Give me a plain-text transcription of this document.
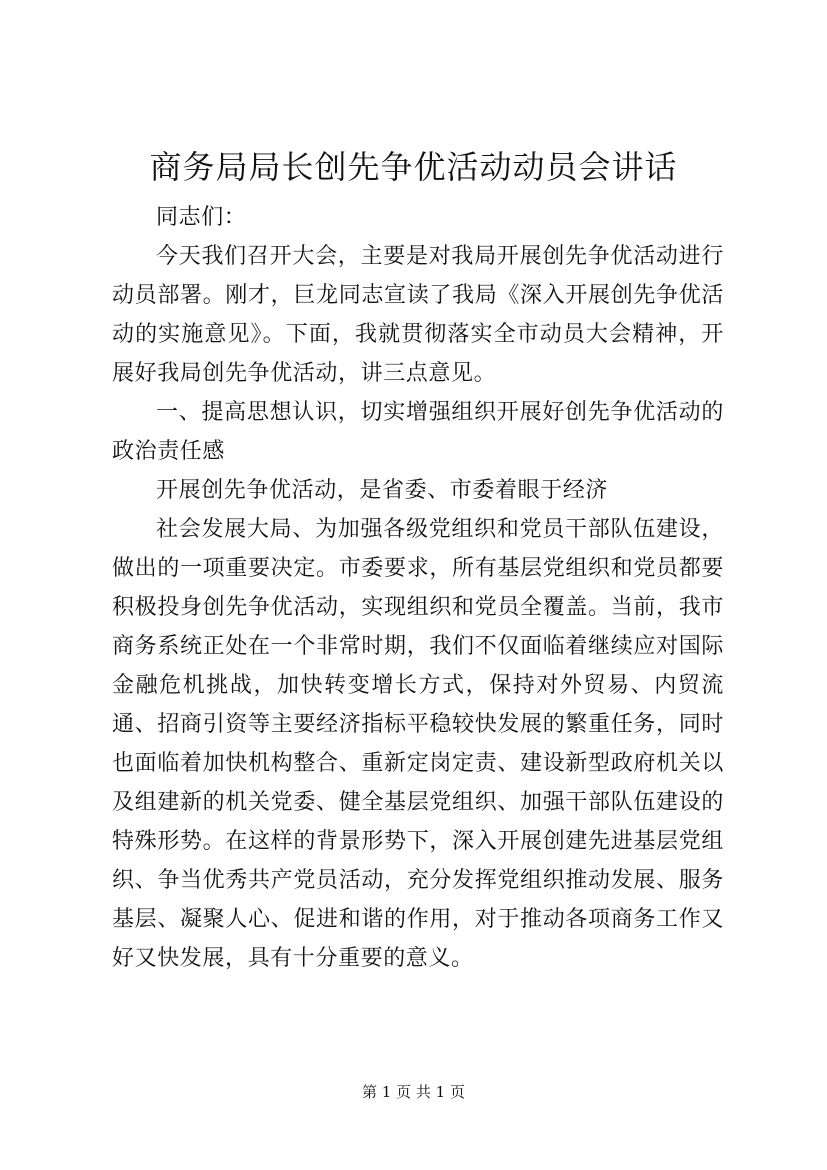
商务局局长创先争优活动动员会讲话

同志们：

今天我们召开大会，主要是对我局开展创先争优活动进行动员部署。刚才，巨龙同志宣读了我局《深入开展创先争优活动的实施意见》。下面，我就贯彻落实全市动员大会精神，开展好我局创先争优活动，讲三点意见。

一、提高思想认识，切实增强组织开展好创先争优活动的政治责任感

开展创先争优活动，是省委、市委着眼于经济

社会发展大局、为加强各级党组织和党员干部队伍建设，做出的一项重要决定。市委要求，所有基层党组织和党员都要积极投身创先争优活动，实现组织和党员全覆盖。当前，我市商务系统正处在一个非常时期，我们不仅面临着继续应对国际金融危机挑战，加快转变增长方式，保持对外贸易、内贸流通、招商引资等主要经济指标平稳较快发展的繁重任务，同时也面临着加快机构整合、重新定岗定责、建设新型政府机关以及组建新的机关党委、健全基层党组织、加强干部队伍建设的特殊形势。在这样的背景形势下，深入开展创建先进基层党组织、争当优秀共产党员活动，充分发挥党组织推动发展、服务基层、凝聚人心、促进和谐的作用，对于推动各项商务工作又好又快发展，具有十分重要的意义。

第 1 页 共 1 页
